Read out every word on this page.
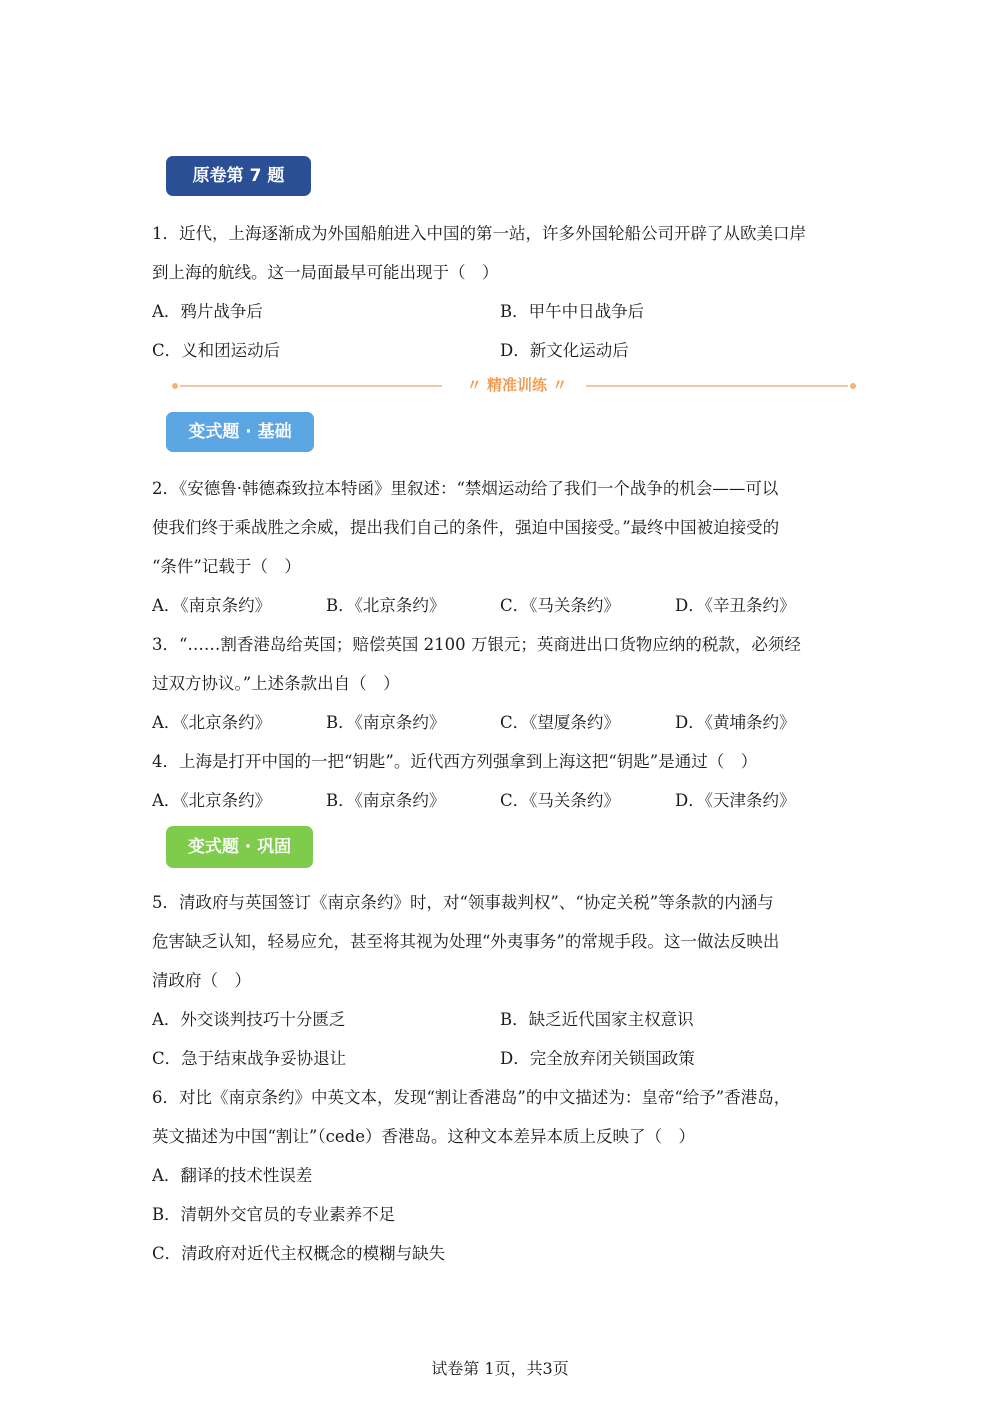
原卷第 7 题
变式题 · 基础
变式题 · 巩固
〃 精准训练 〃
1．近代，上海逐渐成为外国船舶进入中国的第一站，许多外国轮船公司开辟了从欧美口岸
到上海的航线。这一局面最早可能出现于（　）
A．鸦片战争后	B．甲午中日战争后
C．义和团运动后	D．新文化运动后
2．《安德鲁·韩德森致拉本特函》里叙述：“禁烟运动给了我们一个战争的机会——可以
使我们终于乘战胜之余威，提出我们自己的条件，强迫中国接受。”最终中国被迫接受的
“条件”记载于（　）
A．《南京条约》	B．《北京条约》	C．《马关条约》	D．《辛丑条约》
3．“……割香港岛给英国；赔偿英国 2100 万银元；英商进出口货物应纳的税款，必须经
过双方协议。”上述条款出自（　）
A．《北京条约》	B．《南京条约》	C．《望厦条约》	D．《黄埔条约》
4．上海是打开中国的一把“钥匙”。近代西方列强拿到上海这把“钥匙”是通过（　）
A．《北京条约》	B．《南京条约》	C．《马关条约》	D．《天津条约》
5．清政府与英国签订《南京条约》时，对“领事裁判权”、“协定关税”等条款的内涵与
危害缺乏认知，轻易应允，甚至将其视为处理“外夷事务”的常规手段。这一做法反映出
清政府（　）
A．外交谈判技巧十分匮乏	B．缺乏近代国家主权意识
C．急于结束战争妥协退让	D．完全放弃闭关锁国政策
6．对比《南京条约》中英文本，发现“割让香港岛”的中文描述为：皇帝“给予”香港岛，
英文描述为中国“割让”（cede）香港岛。这种文本差异本质上反映了（　）
A．翻译的技术性误差
B．清朝外交官员的专业素养不足
C．清政府对近代主权概念的模糊与缺失
试卷第 1页，共3页
